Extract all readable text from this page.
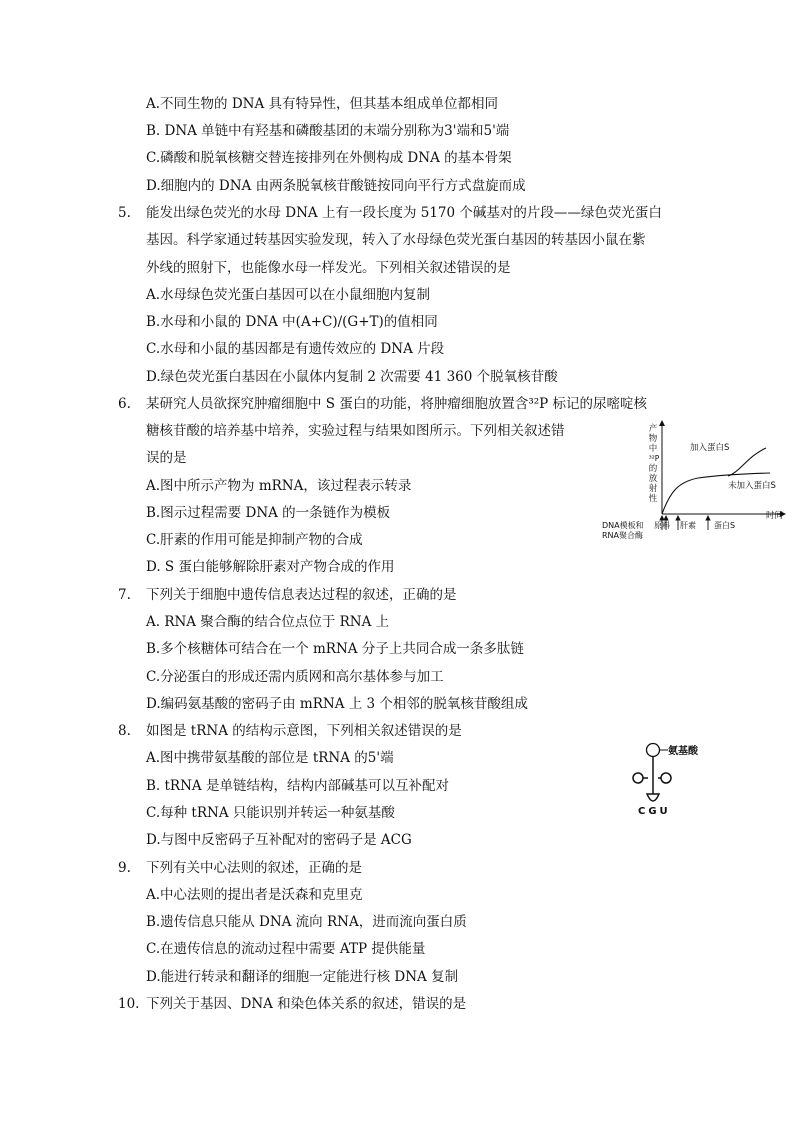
A.不同生物的 DNA 具有特异性，但其基本组成单位都相同
B. DNA 单链中有羟基和磷酸基团的末端分别称为3'端和5'端
C.磷酸和脱氧核糖交替连接排列在外侧构成 DNA 的基本骨架
D.细胞内的 DNA 由两条脱氧核苷酸链按同向平行方式盘旋而成
5. 能发出绿色荧光的水母 DNA 上有一段长度为 5170 个碱基对的片段——绿色荧光蛋白
基因。科学家通过转基因实验发现，转入了水母绿色荧光蛋白基因的转基因小鼠在紫
外线的照射下，也能像水母一样发光。下列相关叙述错误的是
A.水母绿色荧光蛋白基因可以在小鼠细胞内复制
B.水母和小鼠的 DNA 中(A+C)/(G+T)的值相同
C.水母和小鼠的基因都是有遗传效应的 DNA 片段
D.绿色荧光蛋白基因在小鼠体内复制 2 次需要 41 360 个脱氧核苷酸
6. 某研究人员欲探究肿瘤细胞中 S 蛋白的功能，将肿瘤细胞放置含³²P 标记的尿嘧啶核
糖核苷酸的培养基中培养，实验过程与结果如图所示。下列相关叙述错
误的是
A.图中所示产物为 mRNA，该过程表示转录
B.图示过程需要 DNA 的一条链作为模板
C.肝素的作用可能是抑制产物的合成
D. S 蛋白能够解除肝素对产物合成的作用
产
物
中
³²P
的
放
射
性
时间
加入蛋白S
未加入蛋白S
DNA模板和
RNA聚合酶
原料 肝素 蛋白S
7. 下列关于细胞中遗传信息表达过程的叙述，正确的是
A. RNA 聚合酶的结合位点位于 RNA 上
B.多个核糖体可结合在一个 mRNA 分子上共同合成一条多肽链
C.分泌蛋白的形成还需内质网和高尔基体参与加工
D.编码氨基酸的密码子由 mRNA 上 3 个相邻的脱氧核苷酸组成
8. 如图是 tRNA 的结构示意图，下列相关叙述错误的是
A.图中携带氨基酸的部位是 tRNA 的5'端
B. tRNA 是单链结构，结构内部碱基可以互补配对
C.每种 tRNA 只能识别并转运一种氨基酸
D.与图中反密码子互补配对的密码子是 ACG
氨基酸
CGU
9. 下列有关中心法则的叙述，正确的是
A.中心法则的提出者是沃森和克里克
B.遗传信息只能从 DNA 流向 RNA，进而流向蛋白质
C.在遗传信息的流动过程中需要 ATP 提供能量
D.能进行转录和翻译的细胞一定能进行核 DNA 复制
10. 下列关于基因、DNA 和染色体关系的叙述，错误的是
